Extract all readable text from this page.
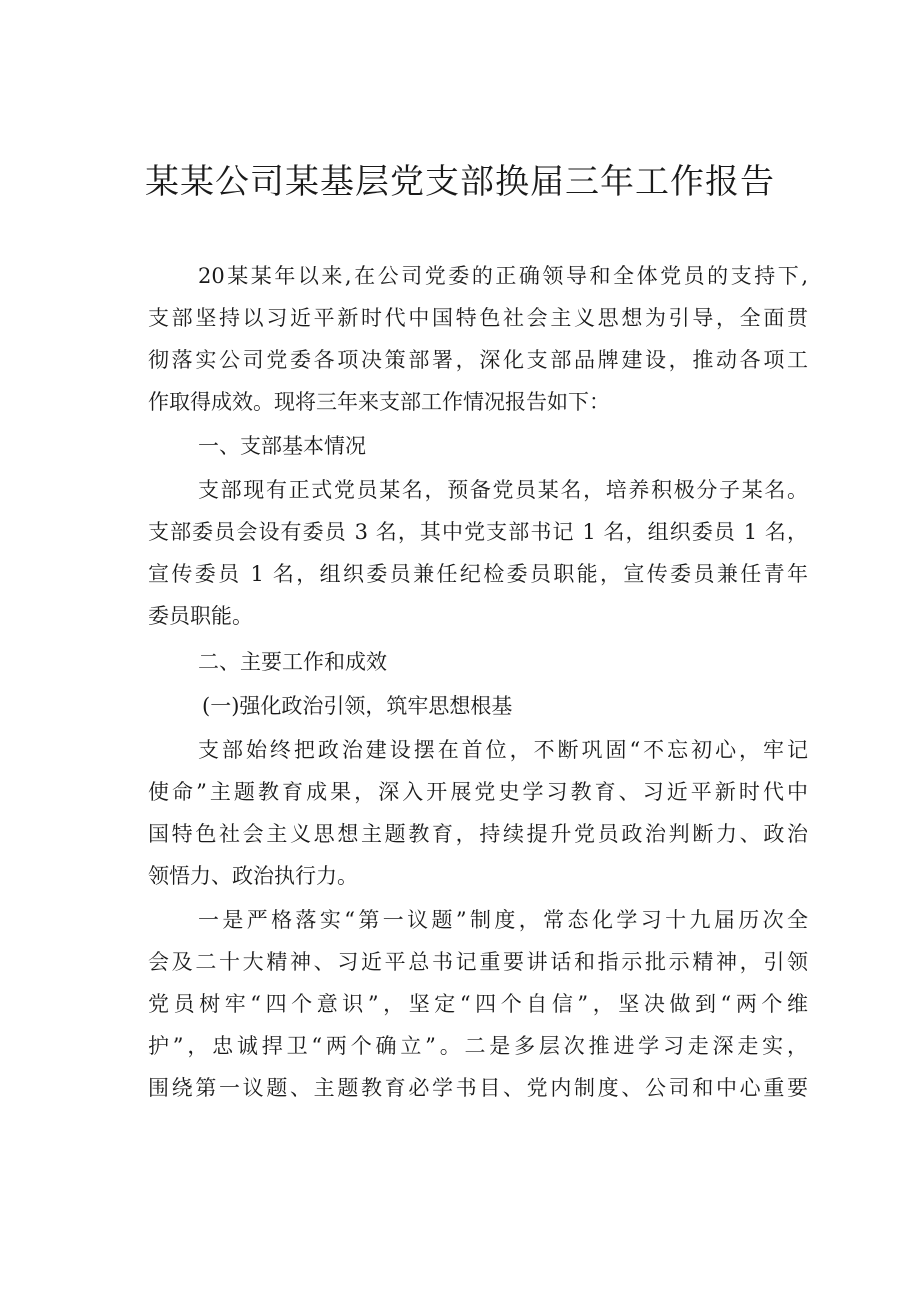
某某公司某基层党支部换届三年工作报告
20某某年以来,在公司党委的正确领导和全体党员的支持下,
支部坚持以习近平新时代中国特色社会主义思想为引导，全面贯
彻落实公司党委各项决策部署，深化支部品牌建设，推动各项工
作取得成效。现将三年来支部工作情况报告如下：
一、支部基本情况
支部现有正式党员某名，预备党员某名，培养积极分子某名。
支部委员会设有委员 3 名，其中党支部书记 1 名，组织委员 1 名，
宣传委员 1 名，组织委员兼任纪检委员职能，宣传委员兼任青年
委员职能。
二、主要工作和成效
(一)强化政治引领，筑牢思想根基
支部始终把政治建设摆在首位，不断巩固“不忘初心，牢记
使命”主题教育成果，深入开展党史学习教育、习近平新时代中
国特色社会主义思想主题教育，持续提升党员政治判断力、政治
领悟力、政治执行力。
一是严格落实“第一议题”制度，常态化学习十九届历次全
会及二十大精神、习近平总书记重要讲话和指示批示精神，引领
党员树牢“四个意识”，坚定“四个自信”，坚决做到“两个维
护”，忠诚捍卫“两个确立”。二是多层次推进学习走深走实，
围绕第一议题、主题教育必学书目、党内制度、公司和中心重要
